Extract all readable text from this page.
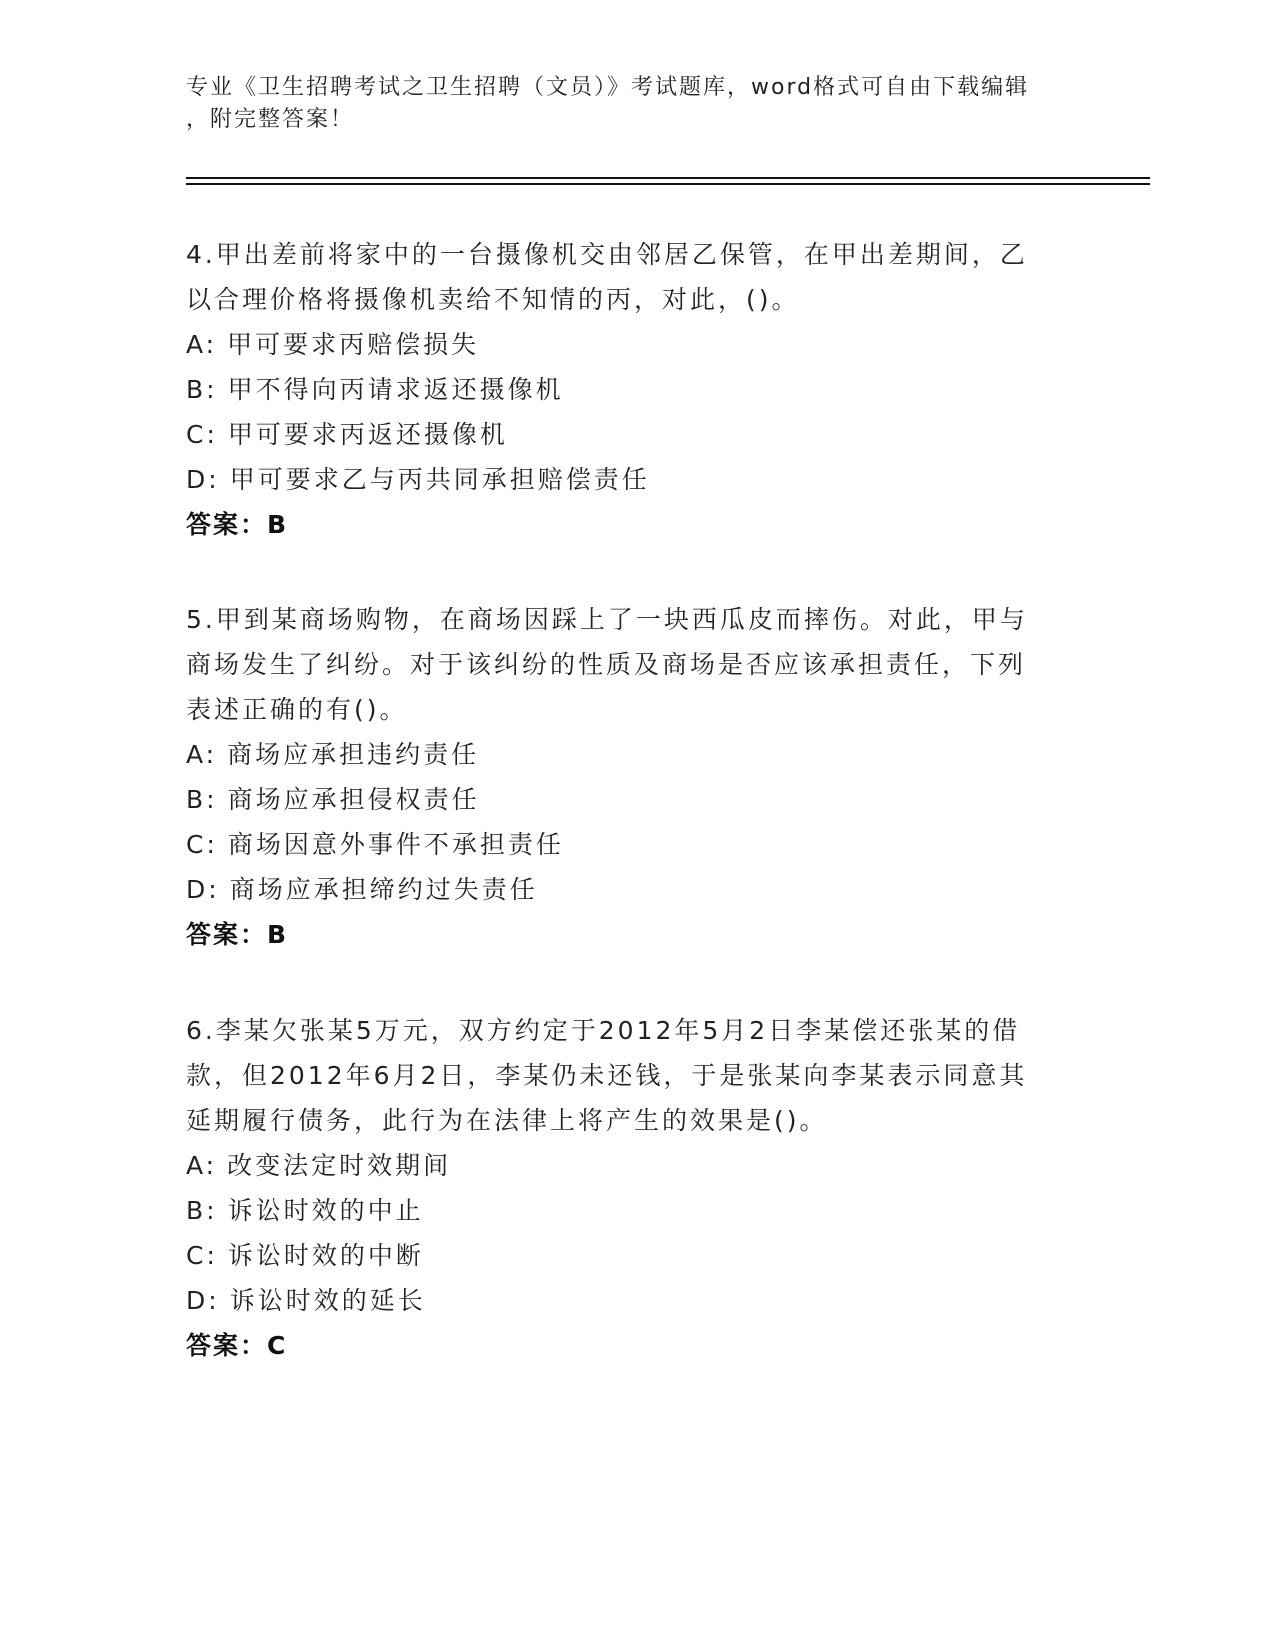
专业《卫生招聘考试之卫生招聘（文员）》考试题库，word格式可自由下载编辑
，附完整答案！
4.甲出差前将家中的一台摄像机交由邻居乙保管，在甲出差期间，乙
以合理价格将摄像机卖给不知情的丙，对此，()。
A: 甲可要求丙赔偿损失
B: 甲不得向丙请求返还摄像机
C: 甲可要求丙返还摄像机
D: 甲可要求乙与丙共同承担赔偿责任
答案：B
5.甲到某商场购物，在商场因踩上了一块西瓜皮而摔伤。对此，甲与
商场发生了纠纷。对于该纠纷的性质及商场是否应该承担责任，下列
表述正确的有()。
A: 商场应承担违约责任
B: 商场应承担侵权责任
C: 商场因意外事件不承担责任
D: 商场应承担缔约过失责任
答案：B
6.李某欠张某5万元，双方约定于2012年5月2日李某偿还张某的借
款，但2012年6月2日，李某仍未还钱，于是张某向李某表示同意其
延期履行债务，此行为在法律上将产生的效果是()。
A: 改变法定时效期间
B: 诉讼时效的中止
C: 诉讼时效的中断
D: 诉讼时效的延长
答案：C
